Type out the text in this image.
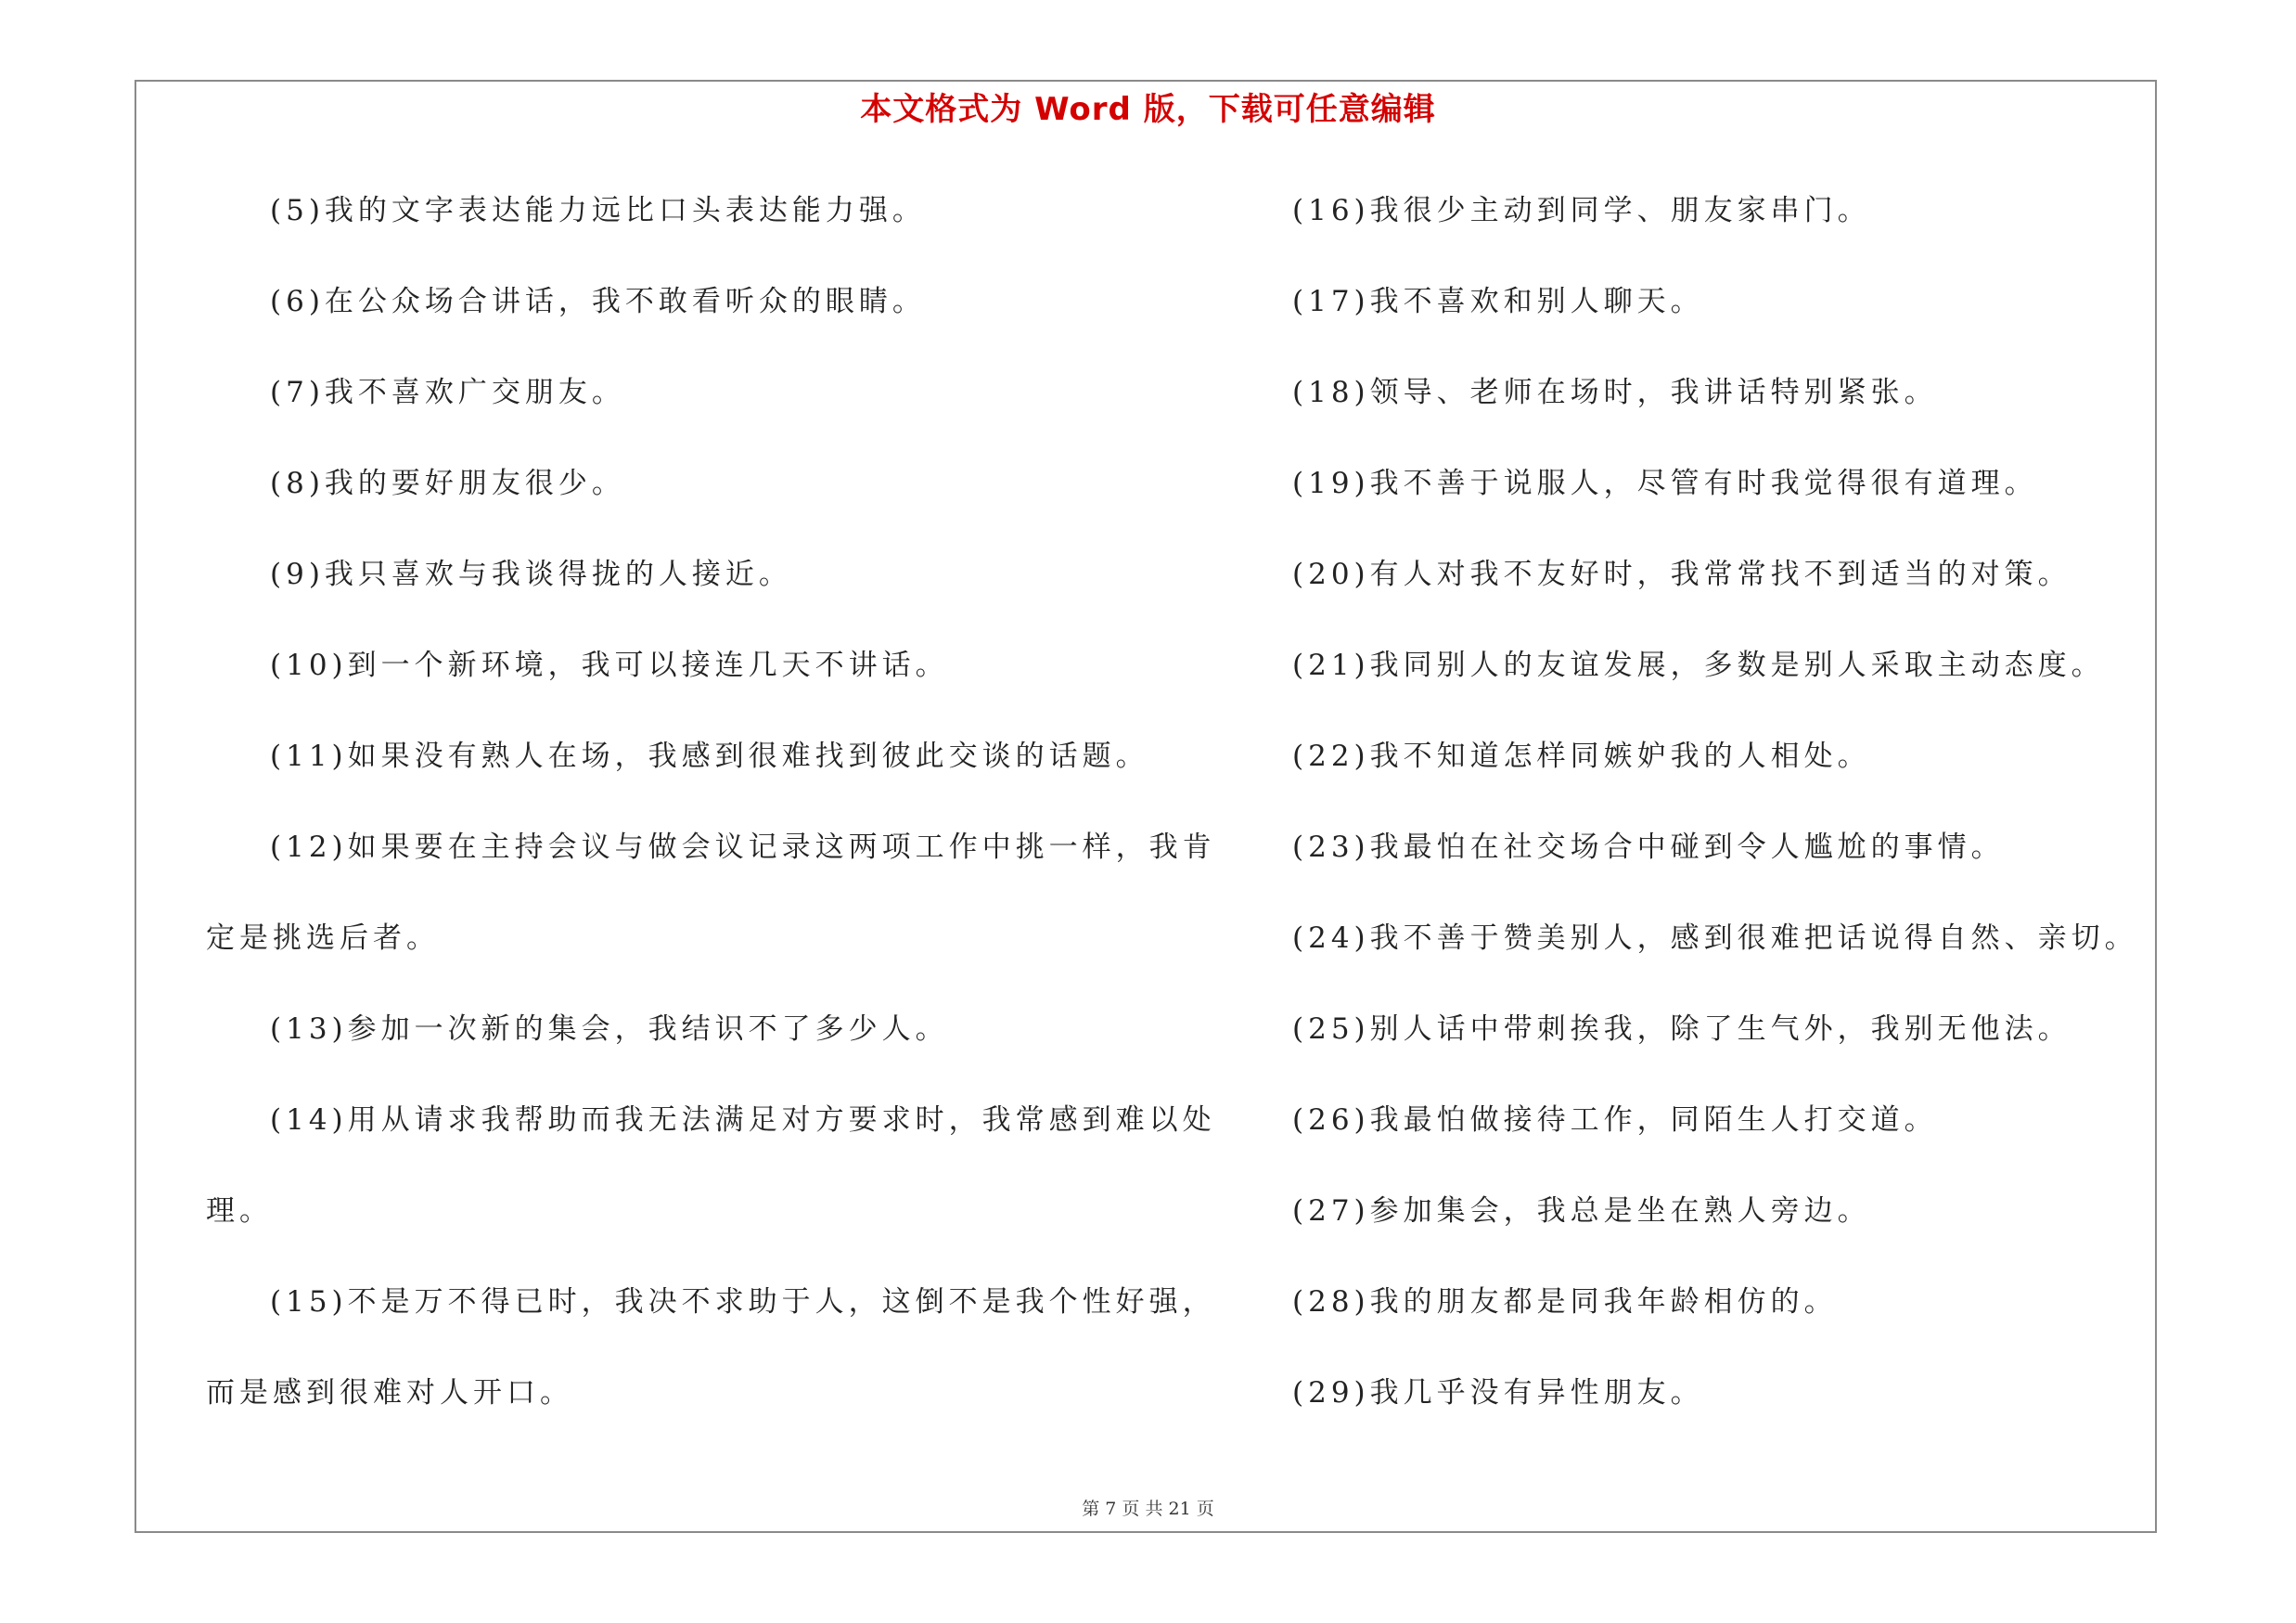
本文格式为 Word 版，下载可任意编辑
(5)我的文字表达能力远比口头表达能力强。
(6)在公众场合讲话，我不敢看听众的眼睛。
(7)我不喜欢广交朋友。
(8)我的要好朋友很少。
(9)我只喜欢与我谈得拢的人接近。
(10)到一个新环境，我可以接连几天不讲话。
(11)如果没有熟人在场，我感到很难找到彼此交谈的话题。
(12)如果要在主持会议与做会议记录这两项工作中挑一样，我肯
定是挑选后者。
(13)参加一次新的集会，我结识不了多少人。
(14)用从请求我帮助而我无法满足对方要求时，我常感到难以处
理。
(15)不是万不得已时，我决不求助于人，这倒不是我个性好强，
而是感到很难对人开口。
(16)我很少主动到同学、朋友家串门。
(17)我不喜欢和别人聊天。
(18)领导、老师在场时，我讲话特别紧张。
(19)我不善于说服人，尽管有时我觉得很有道理。
(20)有人对我不友好时，我常常找不到适当的对策。
(21)我同别人的友谊发展，多数是别人采取主动态度。
(22)我不知道怎样同嫉妒我的人相处。
(23)我最怕在社交场合中碰到令人尴尬的事情。
(24)我不善于赞美别人，感到很难把话说得自然、亲切。
(25)别人话中带刺挨我，除了生气外，我别无他法。
(26)我最怕做接待工作，同陌生人打交道。
(27)参加集会，我总是坐在熟人旁边。
(28)我的朋友都是同我年龄相仿的。
(29)我几乎没有异性朋友。
第 7 页 共 21 页
